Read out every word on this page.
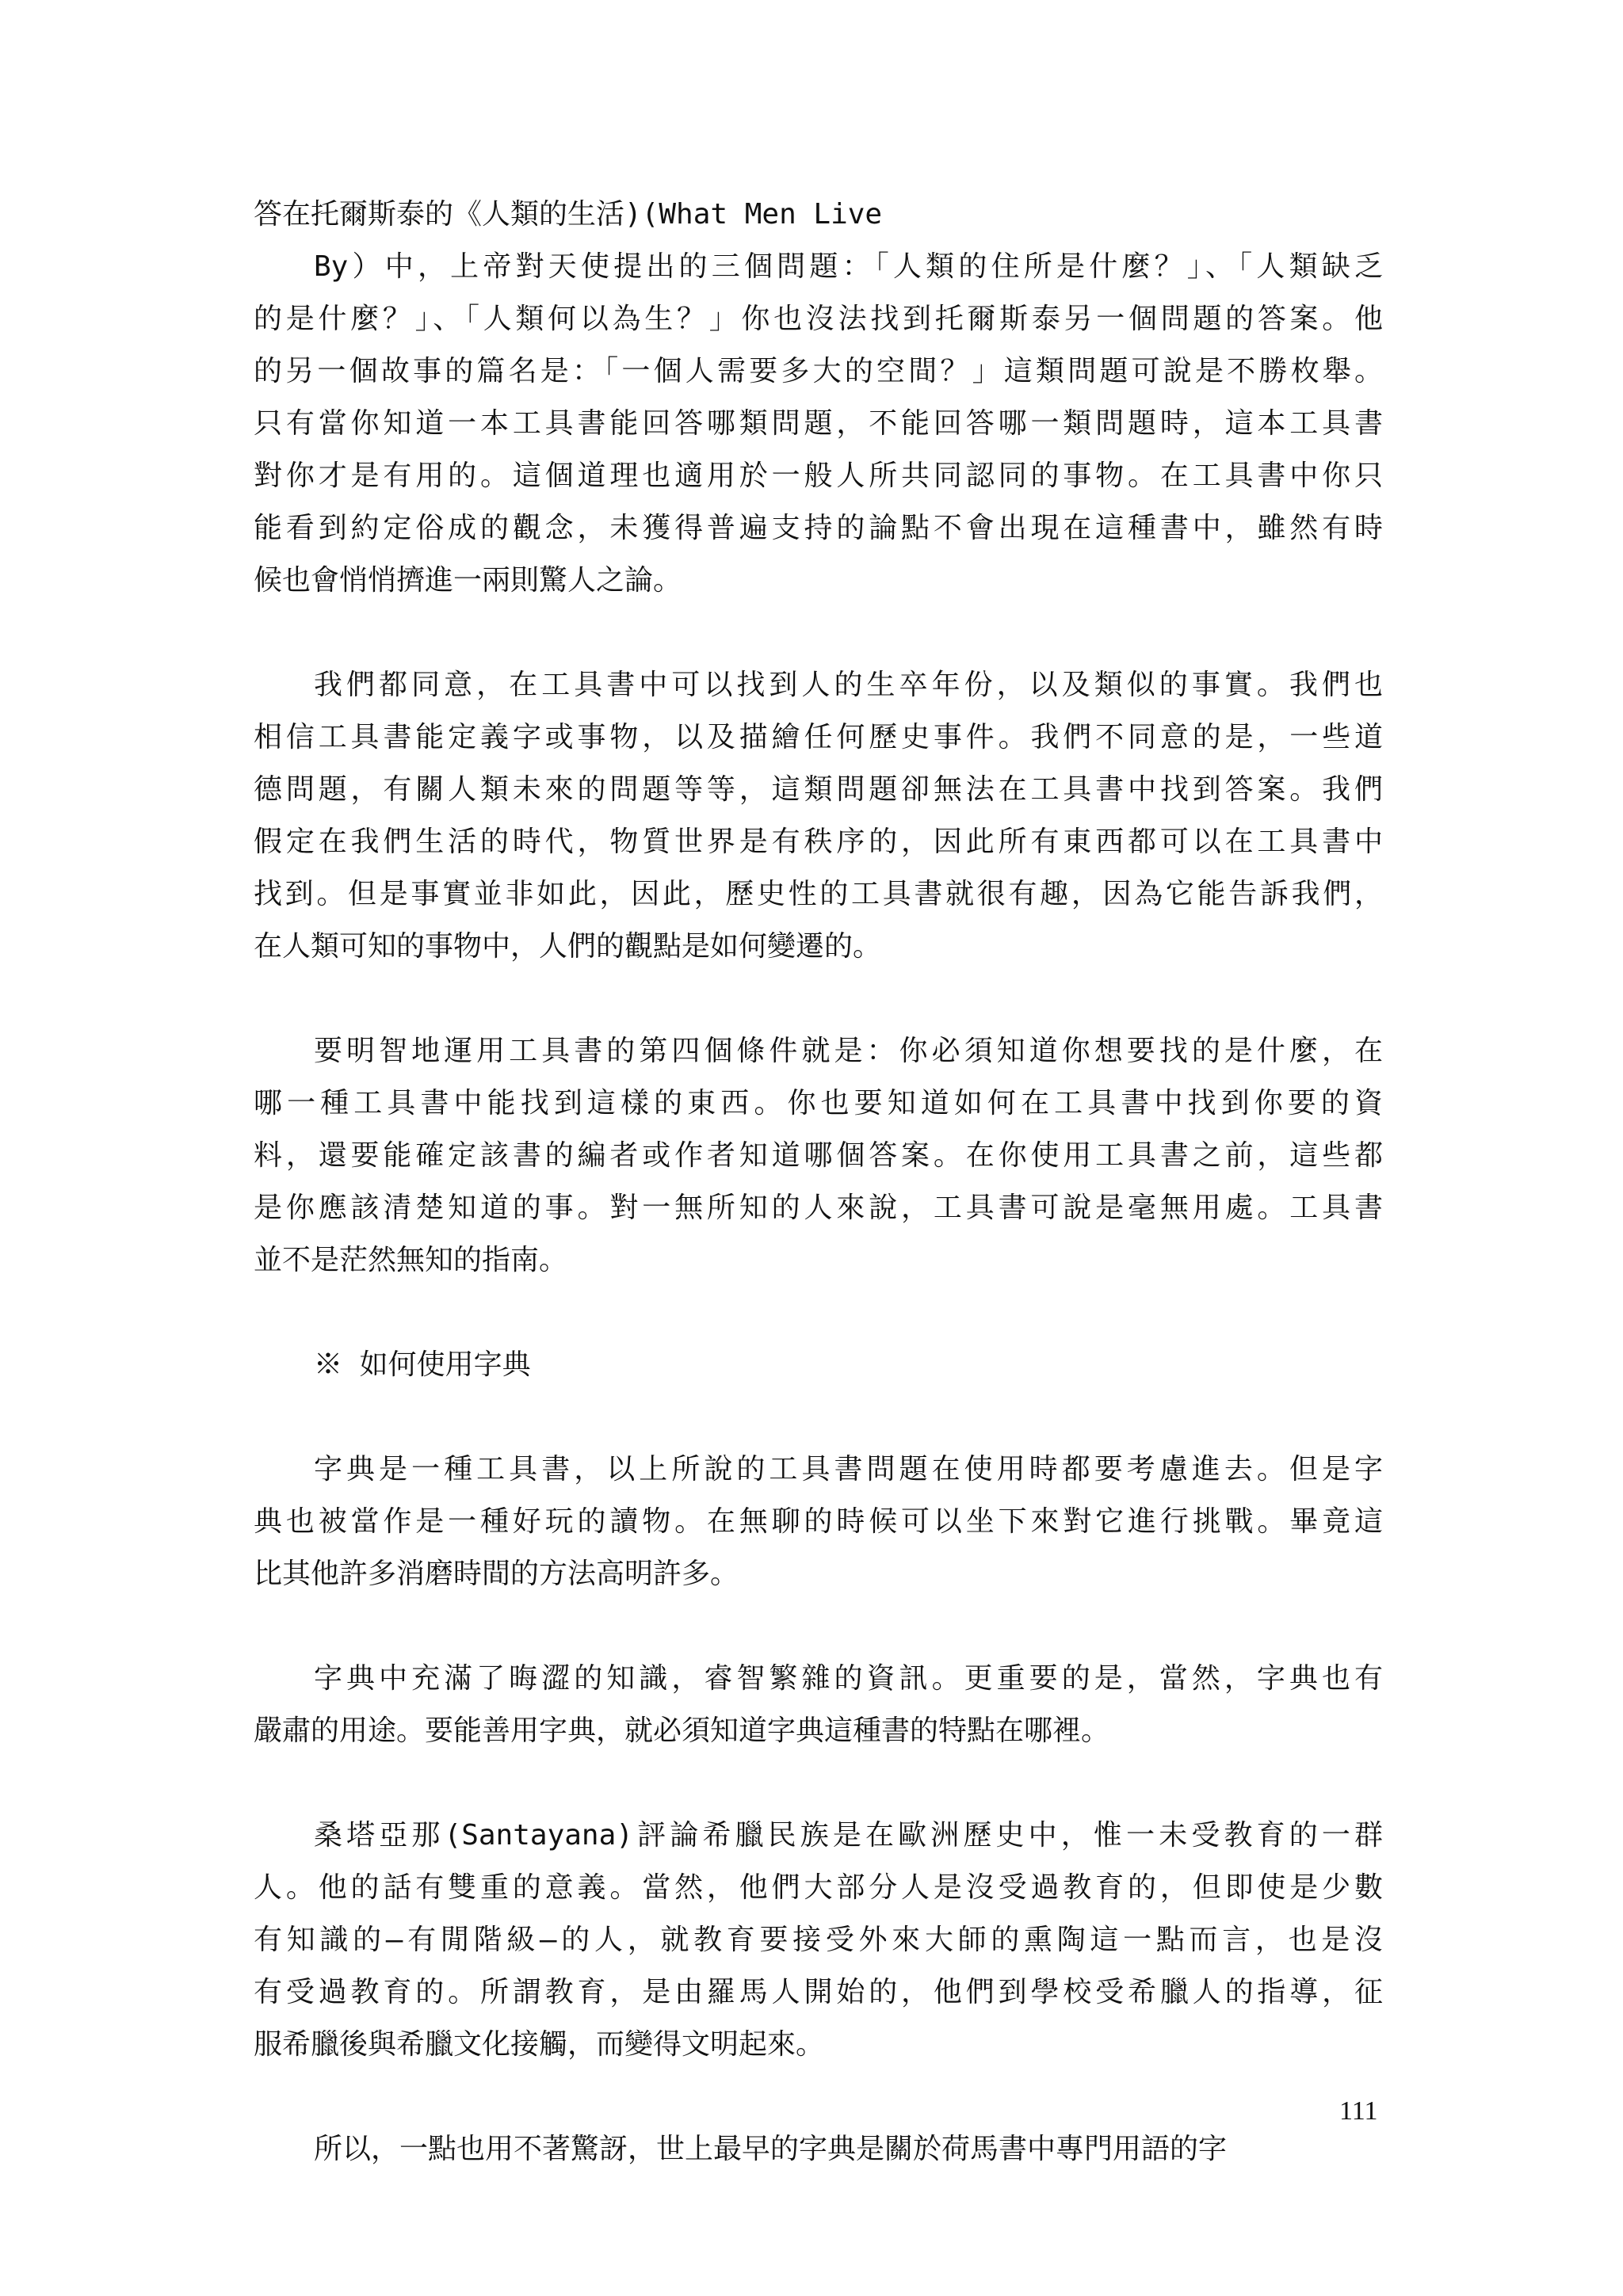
答在托爾斯泰的《人類的生活)(What Men Live
By）中，上帝對天使提出的三個問題：「人類的住所是什麼？」、「人類缺乏
的是什麼？」、「人類何以為生？」你也沒法找到托爾斯泰另一個問題的答案。他
的另一個故事的篇名是：「一個人需要多大的空間？」這類問題可說是不勝枚舉。
只有當你知道一本工具書能回答哪類問題，不能回答哪一類問題時，這本工具書
對你才是有用的。這個道理也適用於一般人所共同認同的事物。在工具書中你只
能看到約定俗成的觀念，未獲得普遍支持的論點不會出現在這種書中，雖然有時
候也會悄悄擠進一兩則驚人之論。
我們都同意，在工具書中可以找到人的生卒年份，以及類似的事實。我們也
相信工具書能定義字或事物，以及描繪任何歷史事件。我們不同意的是，一些道
德問題，有關人類未來的問題等等，這類問題卻無法在工具書中找到答案。我們
假定在我們生活的時代，物質世界是有秩序的，因此所有東西都可以在工具書中
找到。但是事實並非如此，因此，歷史性的工具書就很有趣，因為它能告訴我們，
在人類可知的事物中，人們的觀點是如何變遷的。
要明智地運用工具書的第四個條件就是：你必須知道你想要找的是什麼，在
哪一種工具書中能找到這樣的東西。你也要知道如何在工具書中找到你要的資
料，還要能確定該書的編者或作者知道哪個答案。在你使用工具書之前，這些都
是你應該清楚知道的事。對一無所知的人來說，工具書可說是毫無用處。工具書
並不是茫然無知的指南。
※ 如何使用字典
字典是一種工具書，以上所說的工具書問題在使用時都要考慮進去。但是字
典也被當作是一種好玩的讀物。在無聊的時候可以坐下來對它進行挑戰。畢竟這
比其他許多消磨時間的方法高明許多。
字典中充滿了晦澀的知識，睿智繁雜的資訊。更重要的是，當然，字典也有
嚴肅的用途。要能善用字典，就必須知道字典這種書的特點在哪裡。
桑塔亞那(Santayana)評論希臘民族是在歐洲歷史中，惟一未受教育的一群
人。他的話有雙重的意義。當然，他們大部分人是沒受過教育的，但即使是少數
有知識的—有閒階級—的人，就教育要接受外來大師的熏陶這一點而言，也是沒
有受過教育的。所謂教育，是由羅馬人開始的，他們到學校受希臘人的指導，征
服希臘後與希臘文化接觸，而變得文明起來。
所以，一點也用不著驚訝，世上最早的字典是關於荷馬書中專門用語的字
111
